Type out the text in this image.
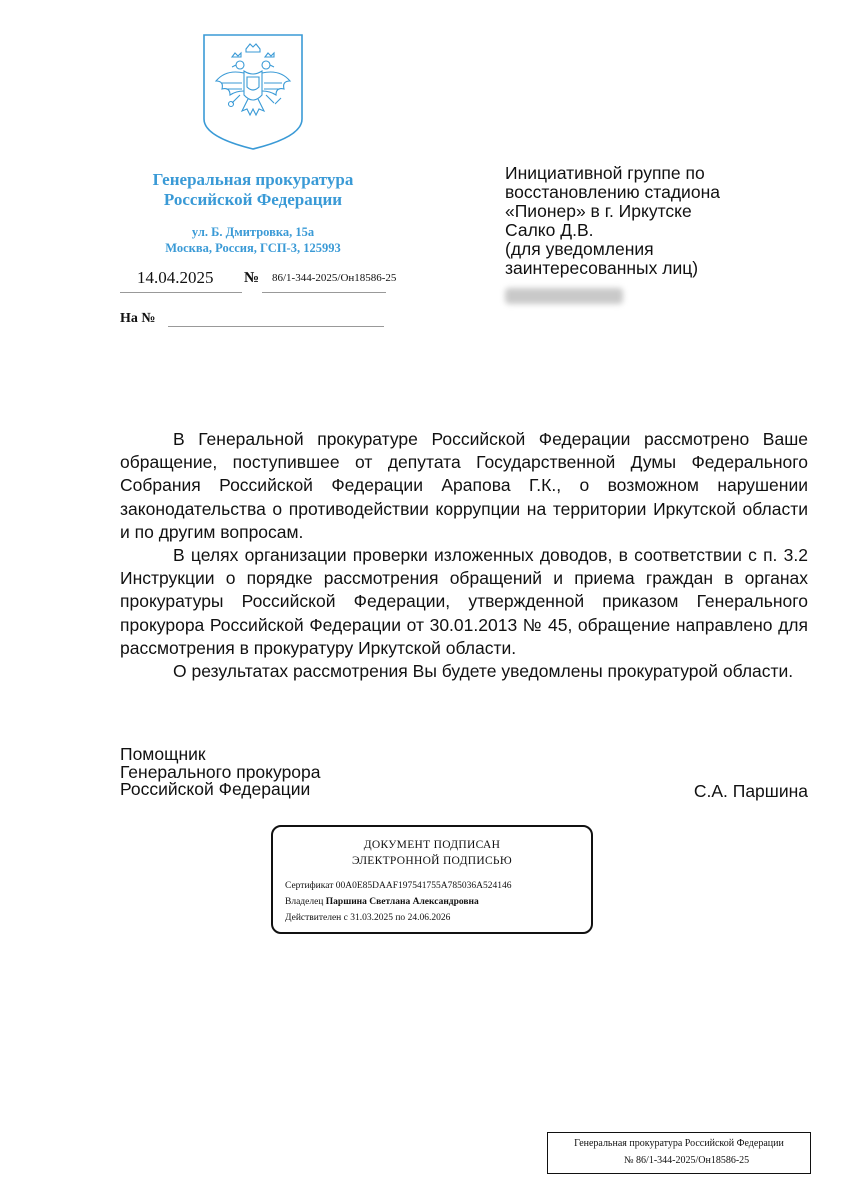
Генеральная прокуратура
Российской Федерации
ул. Б. Дмитровка, 15а
Москва, Россия, ГСП-3, 125993
14.04.2025 № 86/1-344-2025/Он18586-25
На №
Инициативной группе по
восстановлению стадиона
«Пионер» в г. Иркутске
Салко Д.В.
(для уведомления
заинтересованных лиц)

В Генеральной прокуратуре Российской Федерации рассмотрено Ваше обращение, поступившее от депутата Государственной Думы Федерального Собрания Российской Федерации Арапова Г.К., о возможном нарушении законодательства о противодействии коррупции на территории Иркутской области и по другим вопросам.

В целях организации проверки изложенных доводов, в соответствии с п. 3.2 Инструкции о порядке рассмотрения обращений и приема граждан в органах прокуратуры Российской Федерации, утвержденной приказом Генерального прокурора Российской Федерации от 30.01.2013 № 45, обращение направлено для рассмотрения в прокуратуру Иркутской области.

О результатах рассмотрения Вы будете уведомлены прокуратурой области.

Помощник
Генерального прокурора
Российской Федерации	С.А. Паршина
ДОКУМЕНТ ПОДПИСАН
ЭЛЕКТРОННОЙ ПОДПИСЬЮ
Сертификат 00A0E85DAAF197541755A785036A524146
Владелец Паршина Светлана Александровна
Действителен с 31.03.2025 по 24.06.2026
Генеральная прокуратура Российской Федерации
№ 86/1-344-2025/Он18586-25
